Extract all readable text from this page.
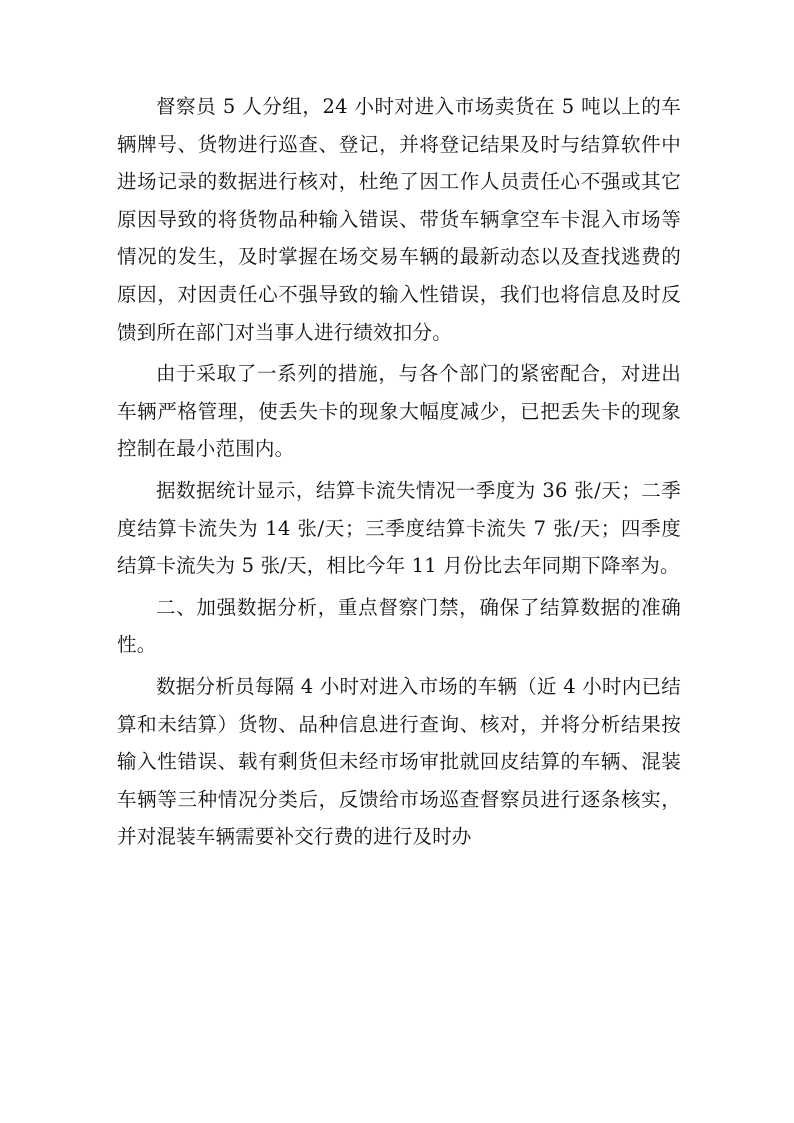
督察员 5 人分组，24 小时对进入市场卖货在 5 吨以上的车辆牌号、货物进行巡查、登记，并将登记结果及时与结算软件中进场记录的数据进行核对，杜绝了因工作人员责任心不强或其它原因导致的将货物品种输入错误、带货车辆拿空车卡混入市场等情况的发生，及时掌握在场交易车辆的最新动态以及查找逃费的原因，对因责任心不强导致的输入性错误，我们也将信息及时反馈到所在部门对当事人进行绩效扣分。

由于采取了一系列的措施，与各个部门的紧密配合，对进出车辆严格管理，使丢失卡的现象大幅度减少，已把丢失卡的现象控制在最小范围内。

据数据统计显示，结算卡流失情况一季度为 36 张/天；二季度结算卡流失为 14 张/天；三季度结算卡流失 7 张/天；四季度结算卡流失为 5 张/天，相比今年 11 月份比去年同期下降率为。

二、加强数据分析，重点督察门禁，确保了结算数据的准确性。

数据分析员每隔 4 小时对进入市场的车辆（近 4 小时内已结算和未结算）货物、品种信息进行查询、核对，并将分析结果按输入性错误、载有剩货但未经市场审批就回皮结算的车辆、混装车辆等三种情况分类后，反馈给市场巡查督察员进行逐条核实，并对混装车辆需要补交行费的进行及时办
